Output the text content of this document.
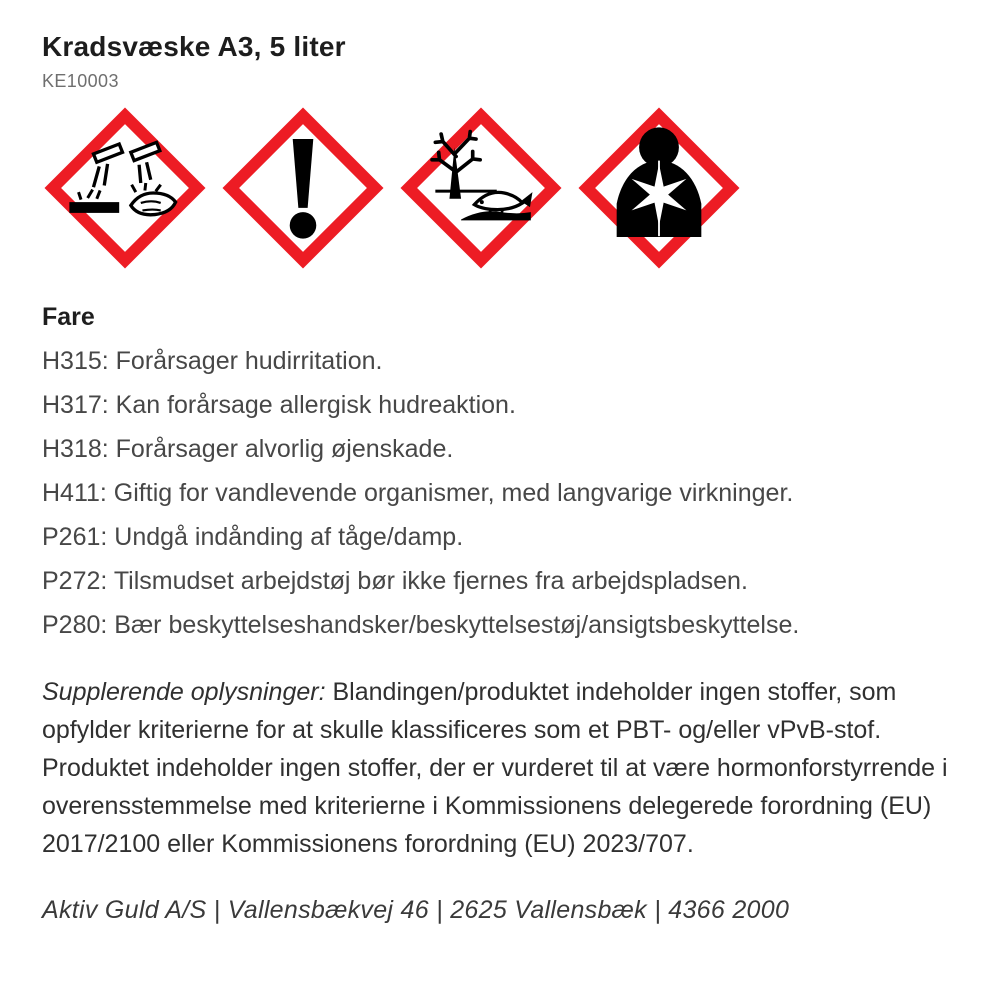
Kradsvæske A3, 5 liter
KE10003
Fare
H315: Forårsager hudirritation.
H317: Kan forårsage allergisk hudreaktion.
H318: Forårsager alvorlig øjenskade.
H411: Giftig for vandlevende organismer, med langvarige virkninger.
P261: Undgå indånding af tåge/damp.
P272: Tilsmudset arbejdstøj bør ikke fjernes fra arbejdspladsen.
P280: Bær beskyttelseshandsker/beskyttelsestøj/ansigtsbeskyttelse.

Supplerende oplysninger: Blandingen/produktet indeholder ingen stoffer, som opfylder kriterierne for at skulle klassificeres som et PBT- og/eller vPvB-stof. Produktet indeholder ingen stoffer, der er vurderet til at være hormonforstyrrende i overensstemmelse med kriterierne i Kommissionens delegerede forordning (EU) 2017/2100 eller Kommissionens forordning (EU) 2023/707.

Aktiv Guld A/S | Vallensbækvej 46 | 2625 Vallensbæk | 4366 2000
